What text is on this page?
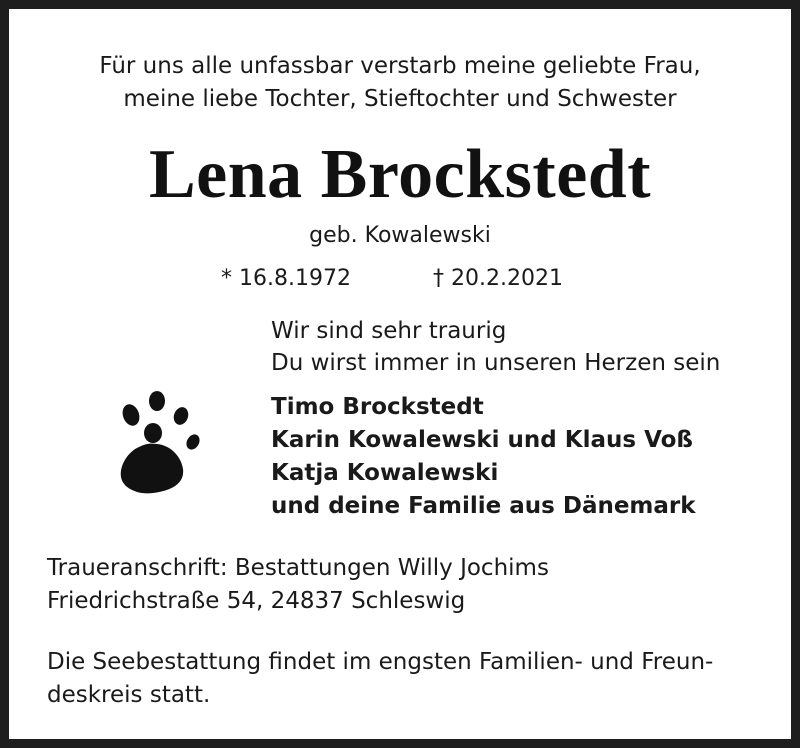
Für uns alle unfassbar verstarb meine geliebte Frau,

meine liebe Tochter, Stieftochter und Schwester

Lena Brockstedt

geb. Kowalewski

* 16.8.1972	† 20.2.2021

Wir sind sehr traurig

Du wirst immer in unseren Herzen sein

Timo Brockstedt

Karin Kowalewski und Klaus Voß

Katja Kowalewski

und deine Familie aus Dänemark

Traueranschrift: Bestattungen Willy Jochims

Friedrichstraße 54, 24837 Schleswig

Die Seebestattung findet im engsten Familien- und Freun-

deskreis statt.
